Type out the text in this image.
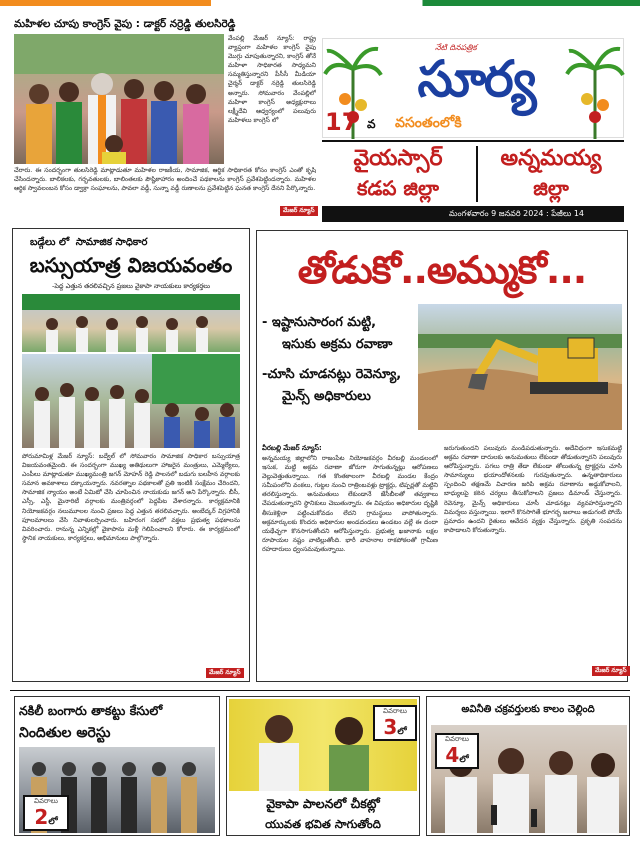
మహిళల చూపు కాంగ్రెస్ వైపు : డాక్టర్ నర్రెడ్డి తులసిరెడ్డి
వేంపల్లి మేజర్ న్యూస్: రాష్ట్ర వ్యాప్తంగా మహిళల కాంగ్రెస్ వైపు మొగ్గు చూపుతున్నారని, కాంగ్రెస్ తోనే మహిళా సాధికారత సాధ్యమని సమ్మతిస్తున్నారని పీసీసీ మీడియా చైర్మన్ డాక్టర్ నర్రెడ్డి తులసిరెడ్డి అన్నారు. సోమవారం వేంపల్లిలో మహిళా కాంగ్రెస్ అధ్యక్షురాలు లక్ష్మీదేవి ఆధ్వర్యంలో పలువురు మహిళలు కాంగ్రెస్ లో
చేరారు. ఈ సందర్భంగా తులసిరెడ్డి మాట్లాడుతూ మహిళల రాజకీయ, సామాజిక, ఆర్థిక సాధికారత కోసం కాంగ్రెస్ ఎంతో కృషి చేసిందన్నారు. బాలికలకు, గర్భవతులకు, బాలింతలకు పౌష్టికాహారం అందించే పథకాలను కాంగ్రెస్ ప్రవేశపెట్టిందన్నారు. మహిళల ఆర్థిక స్వావలంబన కోసం డ్వాక్రా సంఘాలను, పావలా వడ్డీ, సున్నా వడ్డీ రుణాలను ప్రవేశపెట్టిన ఘనత కాంగ్రెస్ దేనని పేర్కొన్నారు.
మేజర్ న్యూస్
నేటి దినపత్రిక
సూర్య
17 వ వసంతంలోకి
వైయస్సార్
కడప జిల్లా
అన్నమయ్య
జిల్లా
మంగళవారం 9 జనవరి 2024 : పేజీలు 14
బడ్గేలు లో సామాజిక సాధికార
బస్సుయాత్ర విజయవంతం
-పెద్ద ఎత్తున తరలివచ్చిన ప్రజలు వైకాపా నాయకులు కార్యకర్తలు
పోరుమామిళ్ల మేజర్ న్యూస్: బద్వేల్ లో సోమవారం సామాజిక సాధికార బస్సుయాత్ర విజయవంతమైంది. ఈ సందర్భంగా ముఖ్య అతిథులుగా హాజరైన మంత్రులు, ఎమ్మెల్యేలు, ఎంపీలు మాట్లాడుతూ ముఖ్యమంత్రి జగన్ మోహన్ రెడ్డి పాలనలో బడుగు బలహీన వర్గాలకు సమాన అవకాశాలు దక్కాయన్నారు. నవరత్నాల పథకాలతో ప్రతి ఇంటికీ సంక్షేమం చేరిందని, సామాజిక న్యాయం అంటే ఏమిటో చేసి చూపించిన నాయకుడు జగన్ అని పేర్కొన్నారు. బీసీ, ఎస్సీ, ఎస్టీ, మైనారిటీ వర్గాలకు మంత్రివర్గంలో పెద్దపీట వేశారన్నారు. కార్యక్రమానికి నియోజకవర్గం నలుమూలల నుంచి ప్రజలు పెద్ద ఎత్తున తరలివచ్చారు. అంబేద్కర్ విగ్రహానికి పూలమాలలు వేసి నివాళులర్పించారు. బహిరంగ సభలో వక్తలు ప్రభుత్వ పథకాలను వివరించారు. రానున్న ఎన్నికల్లో వైకాపాను మళ్లీ గెలిపించాలని కోరారు. ఈ కార్యక్రమంలో స్థానిక నాయకులు, కార్యకర్తలు, అభిమానులు పాల్గొన్నారు.
మేజర్ న్యూస్
తోడుకో..అమ్ముకో...
- ఇష్టానుసారంగ మట్టి,
ఇసుకు అక్రమ రవాణా
-చూసి చూడనట్లు రెవెన్యూ,
మైన్స్ అధికారులు
వీరబల్లి మేజర్ న్యూస్:
అన్నమయ్య జిల్లాలోని రాజంపేట నియోజకవర్గం వీరబల్లి మండలంలో ఇసుక, మట్టి అక్రమ రవాణా జోరుగా సాగుతున్నట్లు ఆరోపణలు వెల్లువెత్తుతున్నాయి. గత కొంతకాలంగా వీరబల్లి మండల కేంద్రం సమీపంలోని వంకలు, గుట్టల నుంచి రాత్రింబవళ్లు ట్రాక్టర్లు, టిప్పర్లతో మట్టిని తరలిస్తున్నారు. అనుమతులు లేకుండానే జేసీబీలతో తవ్వకాలు చేపడుతున్నారని స్థానికులు చెబుతున్నారు. ఈ విషయం అధికారుల దృష్టికి తీసుకెళ్లినా పట్టించుకోవడం లేదని గ్రామస్థులు వాపోతున్నారు. అక్రమార్కులకు కొందరు అధికారుల అండదండలు ఉండటం వల్లే ఈ దందా యథేచ్ఛగా కొనసాగుతోందని ఆరోపిస్తున్నారు. ప్రభుత్వ ఖజానాకు లక్షల రూపాయల నష్టం వాటిల్లుతోంది. భారీ వాహనాల రాకపోకలతో గ్రామీణ రహదారులు ధ్వంసమవుతున్నాయి.
జరుగుతుందని పలువురు మండిపడుతున్నారు. అదేవిధంగా ఇసుకమట్టి అక్రమ రవాణా దారులకు అనుమతులు లేకుండా తోడుతున్నారని పలువురు ఆరోపిస్తున్నారు. పగలు రాత్రి తేడా లేకుండా తోలుతున్న ట్రాక్టర్లను చూసి సామాన్యులు భయాందోళనలకు గురవుతున్నారు. ఉన్నతాధికారులు స్పందించి తక్షణమే విచారణ జరిపి అక్రమ రవాణాను అడ్డుకోవాలని, బాధ్యులపై కఠిన చర్యలు తీసుకోవాలని ప్రజలు డిమాండ్ చేస్తున్నారు. రెవెన్యూ, మైన్స్ అధికారులు చూసీ చూడనట్లు వ్యవహరిస్తున్నారని విమర్శలు వస్తున్నాయి. ఇలాగే కొనసాగితే భూగర్భ జలాలు అడుగంటి పోయే ప్రమాదం ఉందని రైతులు ఆవేదన వ్యక్తం చేస్తున్నారు. ప్రకృతి సంపదను కాపాడాలని కోరుతున్నారు.
మేజర్ న్యూస్
నకిలీ బంగారు తాకట్టు కేసులో
నిందితుల అరెస్టు
వివరాలు
2లో
వివరాలు
3లో
వైకాపా పాలనలో చీకట్లో
యువత భవిత సాగుతోంది
అవినీతి చక్రవర్తులకు కాలం చెల్లింది
వివరాలు
4లో
